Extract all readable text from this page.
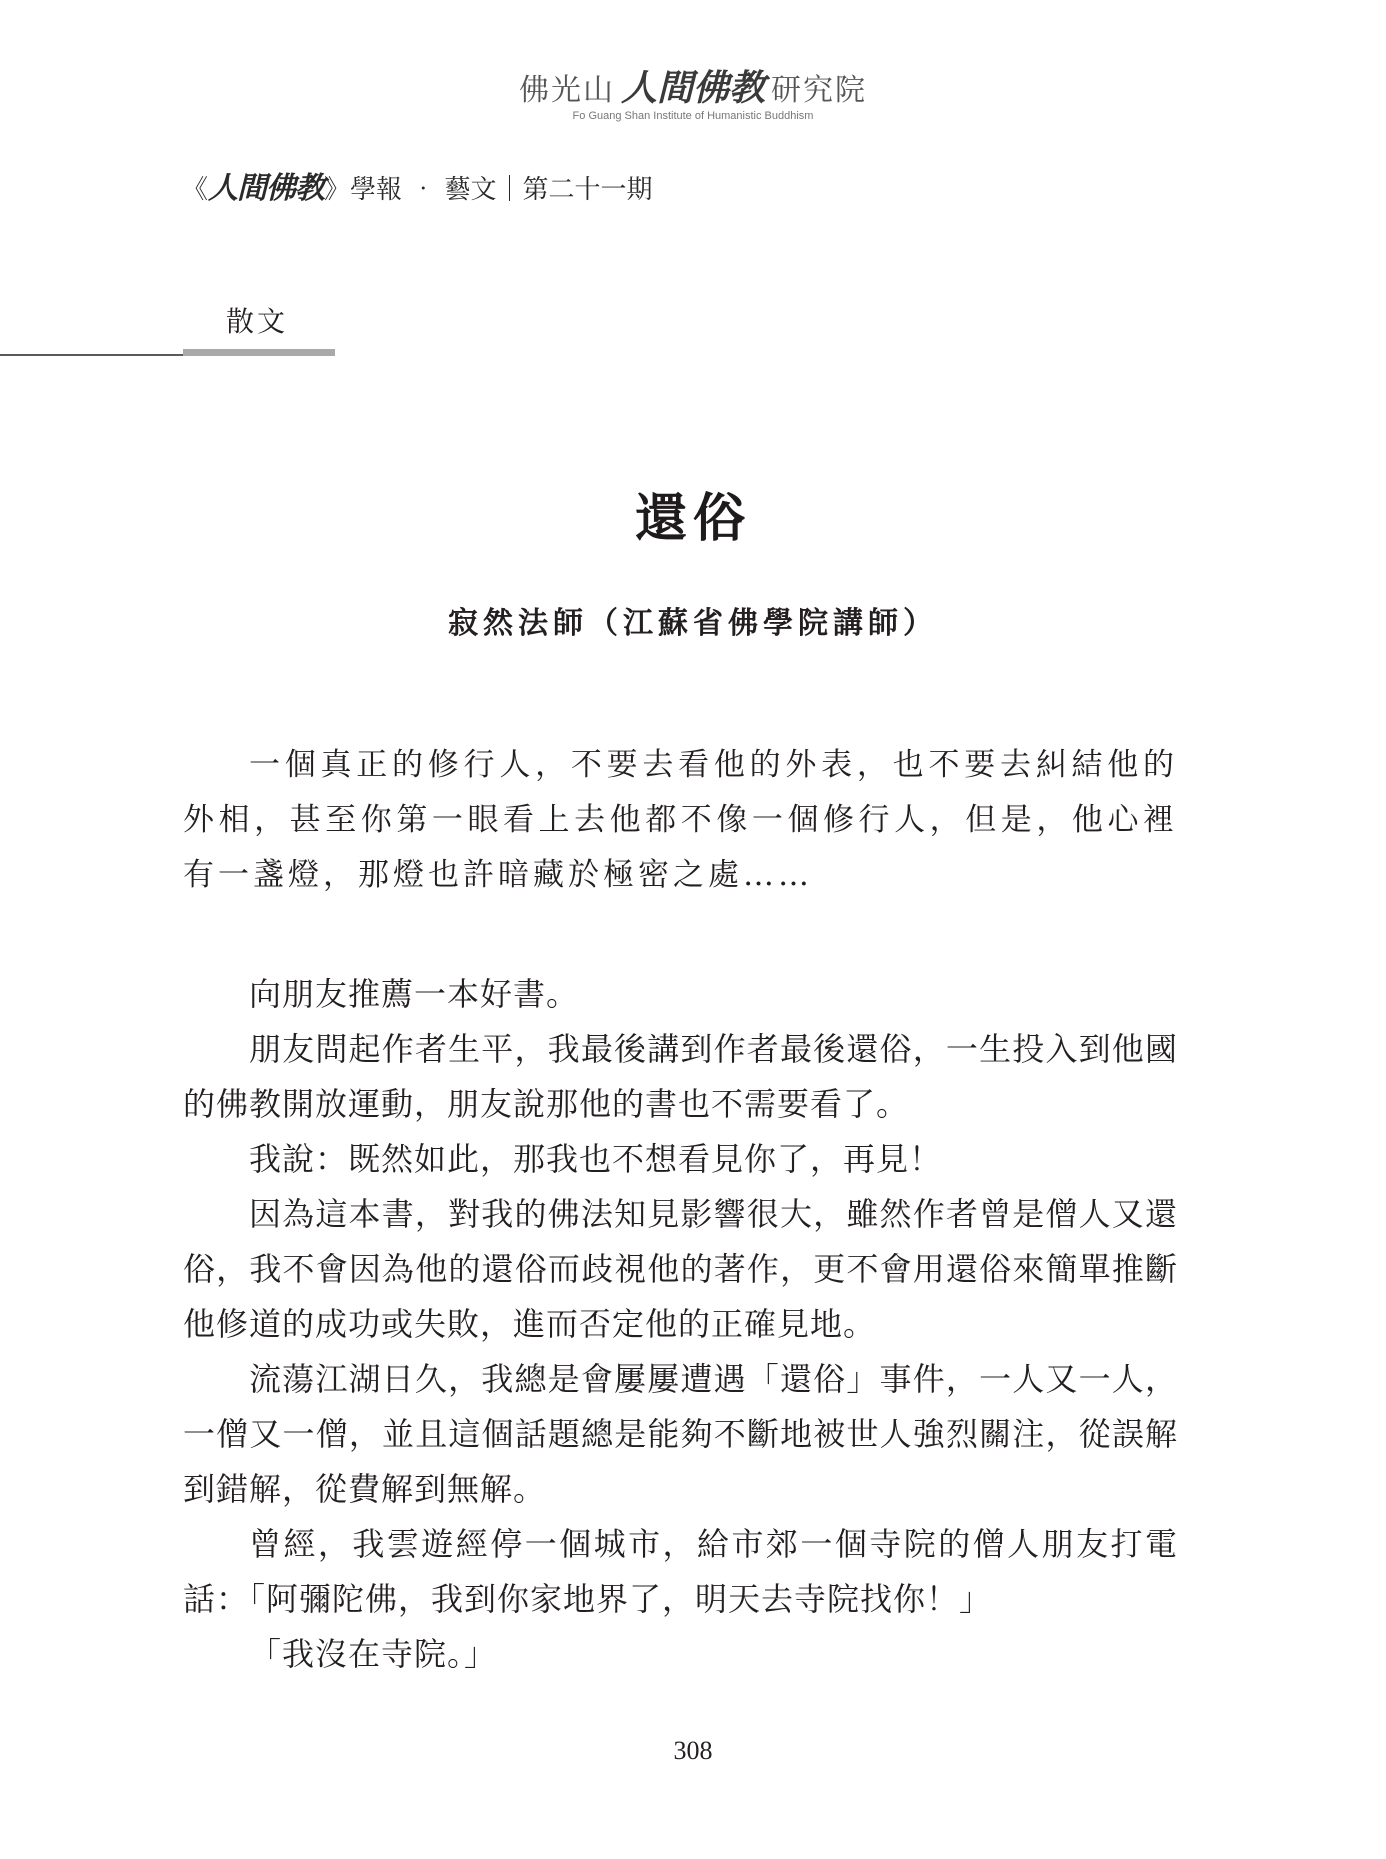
佛光山 人間佛教 研究院
Fo Guang Shan Institute of Humanistic Buddhism
《人間佛教》學報 ‧ 藝文｜第二十一期
散文
還俗
寂然法師（江蘇省佛學院講師）

一個真正的修行人，不要去看他的外表，也不要去糾結他的外相，甚至你第一眼看上去他都不像一個修行人，但是，他心裡有一盞燈，那燈也許暗藏於極密之處……

向朋友推薦一本好書。

朋友問起作者生平，我最後講到作者最後還俗，一生投入到他國的佛教開放運動，朋友說那他的書也不需要看了。

我說：既然如此，那我也不想看見你了，再見！

因為這本書，對我的佛法知見影響很大，雖然作者曾是僧人又還俗，我不會因為他的還俗而歧視他的著作，更不會用還俗來簡單推斷他修道的成功或失敗，進而否定他的正確見地。

流蕩江湖日久，我總是會屢屢遭遇「還俗」事件，一人又一人，一僧又一僧，並且這個話題總是能夠不斷地被世人強烈關注，從誤解到錯解，從費解到無解。

曾經，我雲遊經停一個城市，給市郊一個寺院的僧人朋友打電話：「阿彌陀佛，我到你家地界了，明天去寺院找你！」

「我沒在寺院。」

308
